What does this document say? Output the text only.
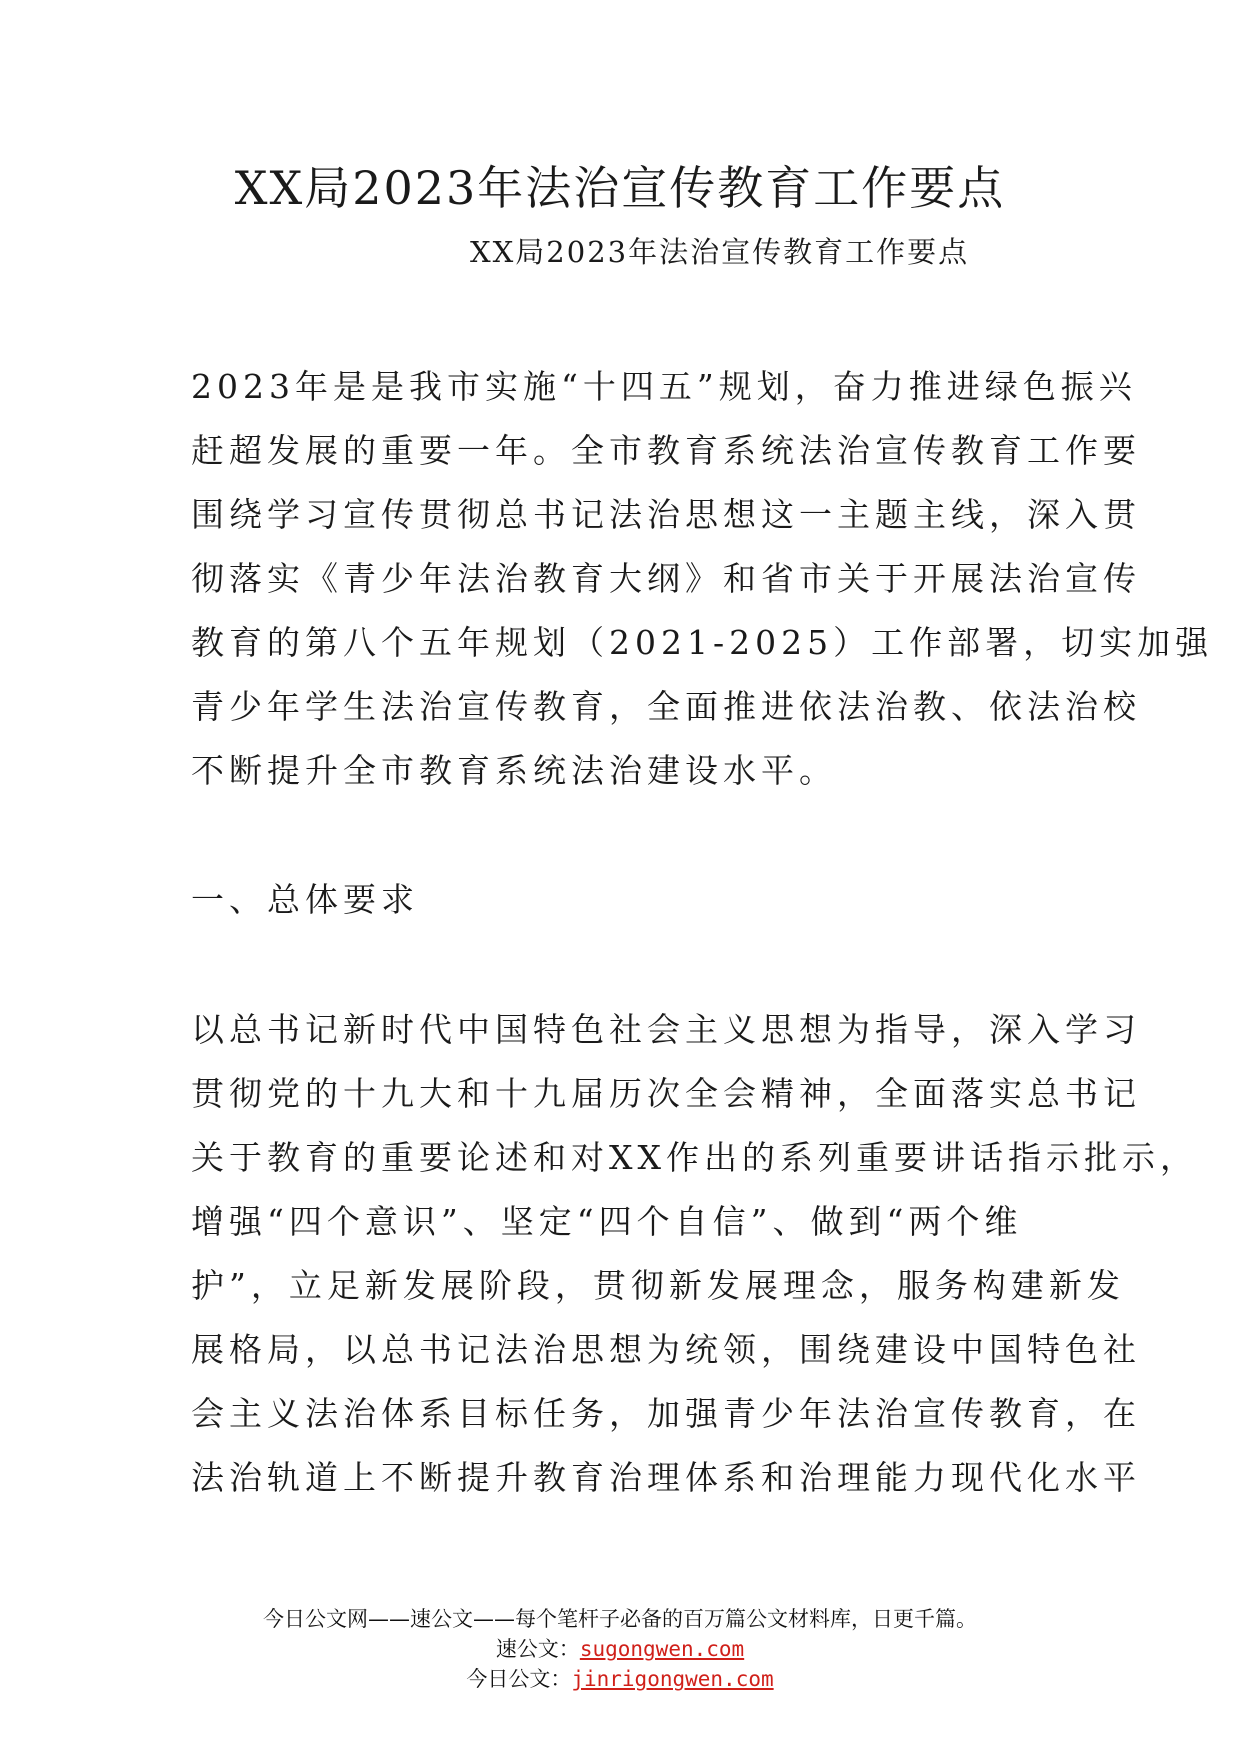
XX局2023年法治宣传教育工作要点
XX局2023年法治宣传教育工作要点
2023年是是我市实施“十四五”规划，奋力推进绿色振兴
赶超发展的重要一年。全市教育系统法治宣传教育工作要
围绕学习宣传贯彻总书记法治思想这一主题主线，深入贯
彻落实《青少年法治教育大纲》和省市关于开展法治宣传
教育的第八个五年规划（2021-2025）工作部署，切实加强
青少年学生法治宣传教育，全面推进依法治教、依法治校
不断提升全市教育系统法治建设水平。
一、总体要求
以总书记新时代中国特色社会主义思想为指导，深入学习
贯彻党的十九大和十九届历次全会精神，全面落实总书记
关于教育的重要论述和对XX作出的系列重要讲话指示批示，
增强“四个意识”、坚定“四个自信”、做到“两个维
护”，立足新发展阶段，贯彻新发展理念，服务构建新发
展格局，以总书记法治思想为统领，围绕建设中国特色社
会主义法治体系目标任务，加强青少年法治宣传教育，在
法治轨道上不断提升教育治理体系和治理能力现代化水平
今日公文网——速公文——每个笔杆子必备的百万篇公文材料库，日更千篇。
速公文：sugongwen.com
今日公文：jinrigongwen.com
